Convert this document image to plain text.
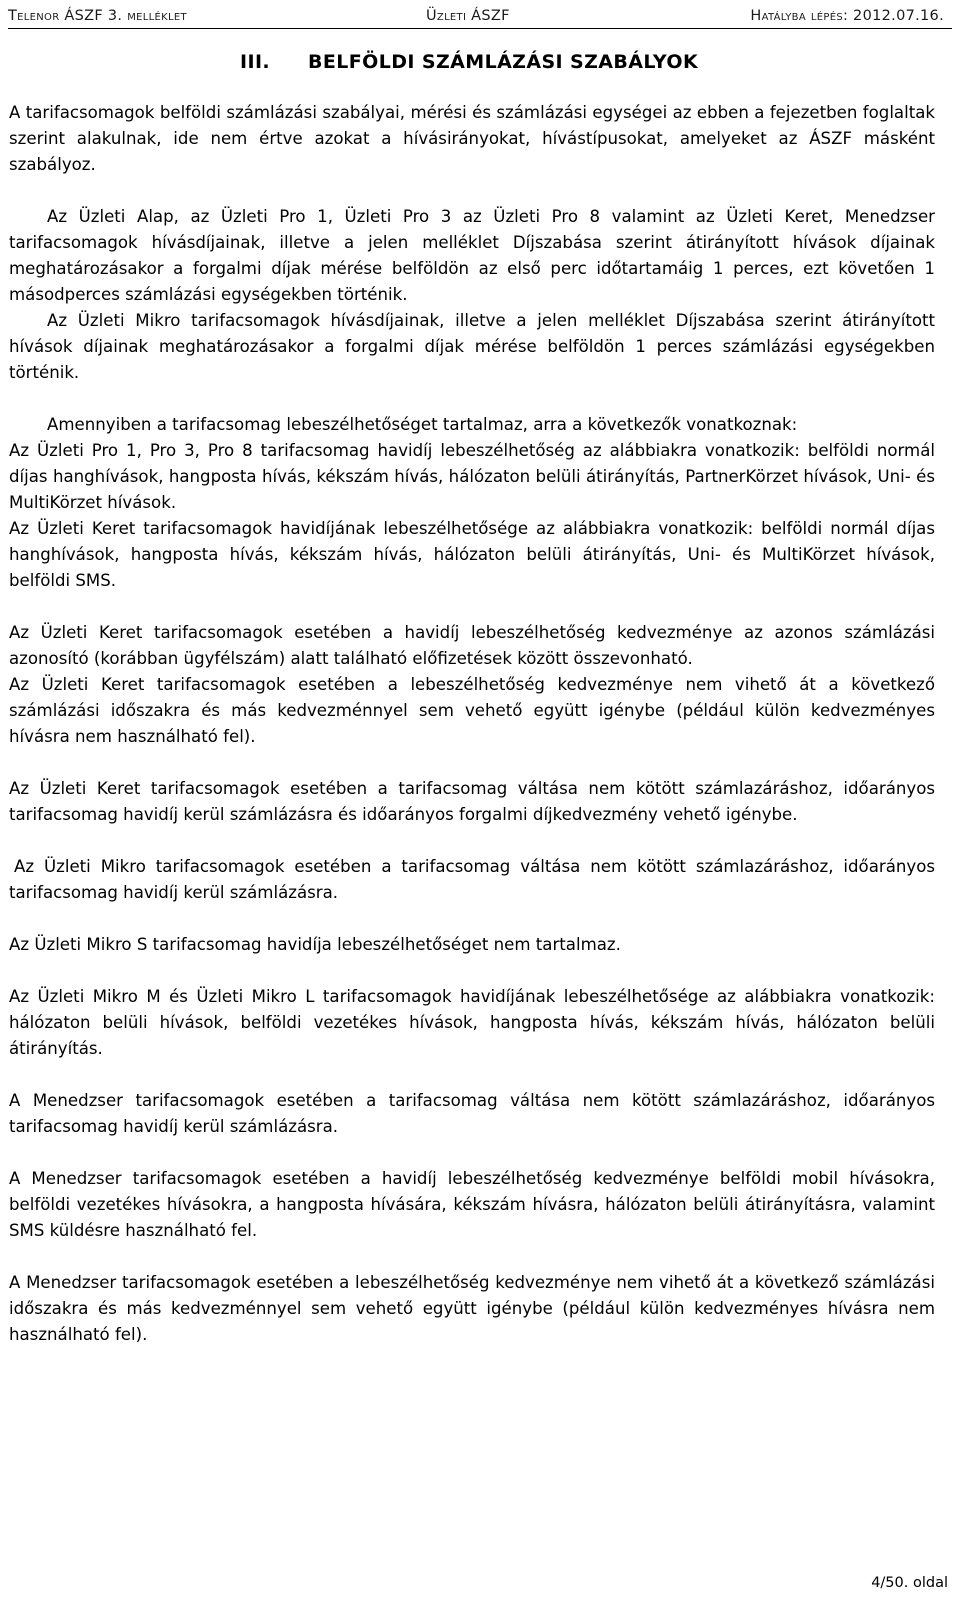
Telenor ÁSZF 3. melléklet	Üzleti ÁSZF	Hatályba lépés: 2012.07.16.
III. BELFÖLDI SZÁMLÁZÁSI SZABÁLYOK

A tarifacsomagok belföldi számlázási szabályai, mérési és számlázási egységei az ebben a fejezetben foglaltak szerint alakulnak, ide nem értve azokat a hívásirányokat, hívástípusokat, amelyeket az ÁSZF másként szabályoz.

Az Üzleti Alap, az Üzleti Pro 1, Üzleti Pro 3 az Üzleti Pro 8 valamint az Üzleti Keret, Menedzser tarifacsomagok hívásdíjainak, illetve a jelen melléklet Díjszabása szerint átirányított hívások díjainak meghatározásakor a forgalmi díjak mérése belföldön az első perc időtartamáig 1 perces, ezt követően 1 másodperces számlázási egységekben történik.

Az Üzleti Mikro tarifacsomagok hívásdíjainak, illetve a jelen melléklet Díjszabása szerint átirányított hívások díjainak meghatározásakor a forgalmi díjak mérése belföldön 1 perces számlázási egységekben történik.

Amennyiben a tarifacsomag lebeszélhetőséget tartalmaz, arra a következők vonatkoznak:

Az Üzleti Pro 1, Pro 3, Pro 8 tarifacsomag havidíj lebeszélhetőség az alábbiakra vonatkozik: belföldi normál díjas hanghívások, hangposta hívás, kékszám hívás, hálózaton belüli átirányítás, PartnerKörzet hívások, Uni- és MultiKörzet hívások.

Az Üzleti Keret tarifacsomagok havidíjának lebeszélhetősége az alábbiakra vonatkozik: belföldi normál díjas hanghívások, hangposta hívás, kékszám hívás, hálózaton belüli átirányítás, Uni- és MultiKörzet hívások, belföldi SMS.

Az Üzleti Keret tarifacsomagok esetében a havidíj lebeszélhetőség kedvezménye az azonos számlázási azonosító (korábban ügyfélszám) alatt található előfizetések között összevonható.

Az Üzleti Keret tarifacsomagok esetében a lebeszélhetőség kedvezménye nem vihető át a következő számlázási időszakra és más kedvezménnyel sem vehető együtt igénybe (például külön kedvezményes hívásra nem használható fel).

Az Üzleti Keret tarifacsomagok esetében a tarifacsomag váltása nem kötött számlazáráshoz, időarányos tarifacsomag havidíj kerül számlázásra és időarányos forgalmi díjkedvezmény vehető igénybe.

Az Üzleti Mikro tarifacsomagok esetében a tarifacsomag váltása nem kötött számlazáráshoz, időarányos tarifacsomag havidíj kerül számlázásra.

Az Üzleti Mikro S tarifacsomag havidíja lebeszélhetőséget nem tartalmaz.

Az Üzleti Mikro M és Üzleti Mikro L tarifacsomagok havidíjának lebeszélhetősége az alábbiakra vonatkozik: hálózaton belüli hívások, belföldi vezetékes hívások, hangposta hívás, kékszám hívás, hálózaton belüli átirányítás.

A Menedzser tarifacsomagok esetében a tarifacsomag váltása nem kötött számlazáráshoz, időarányos tarifacsomag havidíj kerül számlázásra.

A Menedzser tarifacsomagok esetében a havidíj lebeszélhetőség kedvezménye belföldi mobil hívásokra, belföldi vezetékes hívásokra, a hangposta hívására, kékszám hívásra, hálózaton belüli átirányításra, valamint SMS küldésre használható fel.

A Menedzser tarifacsomagok esetében a lebeszélhetőség kedvezménye nem vihető át a következő számlázási időszakra és más kedvezménnyel sem vehető együtt igénybe (például külön kedvezményes hívásra nem használható fel).

4/50. oldal
